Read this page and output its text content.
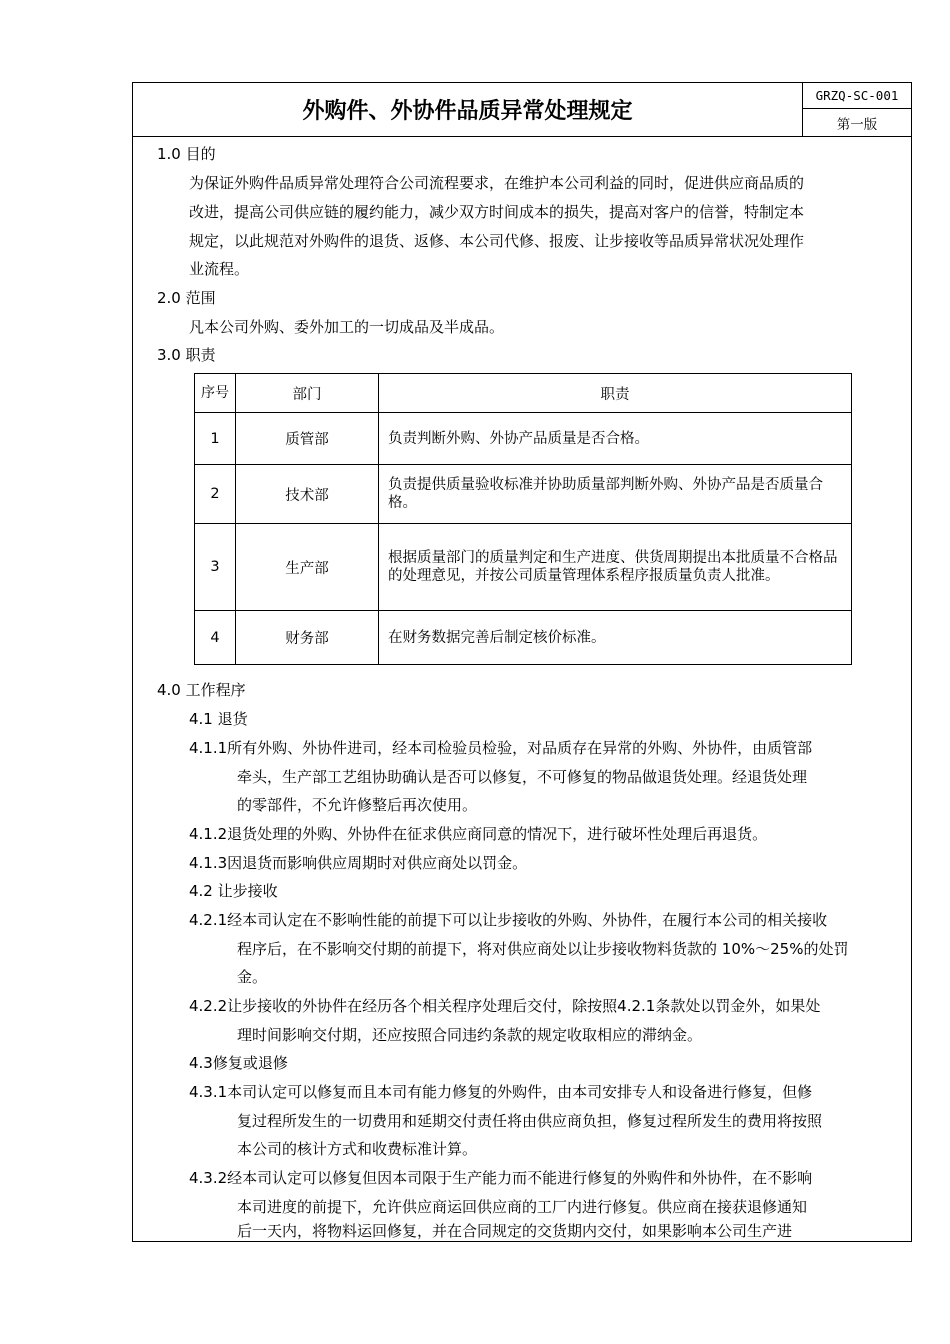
外购件、外协件品质异常处理规定
GRZQ-SC-001
第一版
1.0 目的
为保证外购件品质异常处理符合公司流程要求，在维护本公司利益的同时，促进供应商品质的
改进，提高公司供应链的履约能力，减少双方时间成本的损失，提高对客户的信誉，特制定本
规定，以此规范对外购件的退货、返修、本公司代修、报废、让步接收等品质异常状况处理作
业流程。
2.0 范围
凡本公司外购、委外加工的一切成品及半成品。
3.0 职责
序号	部门	职责
1	质管部	负责判断外购、外协产品质量是否合格。
2	技术部	负责提供质量验收标准并协助质量部判断外购、外协产品是否质量合格。
3	生产部	根据质量部门的质量判定和生产进度、供货周期提出本批质量不合格品的处理意见，并按公司质量管理体系程序报质量负责人批准。
4	财务部	在财务数据完善后制定核价标准。
4.0 工作程序
4.1 退货
4.1.1所有外购、外协件进司，经本司检验员检验，对品质存在异常的外购、外协件，由质管部
牵头，生产部工艺组协助确认是否可以修复，不可修复的物品做退货处理。经退货处理
的零部件，不允许修整后再次使用。
4.1.2退货处理的外购、外协件在征求供应商同意的情况下，进行破坏性处理后再退货。
4.1.3因退货而影响供应周期时对供应商处以罚金。
4.2 让步接收
4.2.1经本司认定在不影响性能的前提下可以让步接收的外购、外协件，在履行本公司的相关接收
程序后，在不影响交付期的前提下，将对供应商处以让步接收物料货款的 10%～25%的处罚
金。
4.2.2让步接收的外协件在经历各个相关程序处理后交付，除按照4.2.1条款处以罚金外，如果处
理时间影响交付期，还应按照合同违约条款的规定收取相应的滞纳金。
4.3修复或退修
4.3.1本司认定可以修复而且本司有能力修复的外购件，由本司安排专人和设备进行修复，但修
复过程所发生的一切费用和延期交付责任将由供应商负担，修复过程所发生的费用将按照
本公司的核计方式和收费标准计算。
4.3.2经本司认定可以修复但因本司限于生产能力而不能进行修复的外购件和外协件，在不影响
本司进度的前提下，允许供应商运回供应商的工厂内进行修复。供应商在接获退修通知
后一天内，将物料运回修复，并在合同规定的交货期内交付，如果影响本公司生产进
